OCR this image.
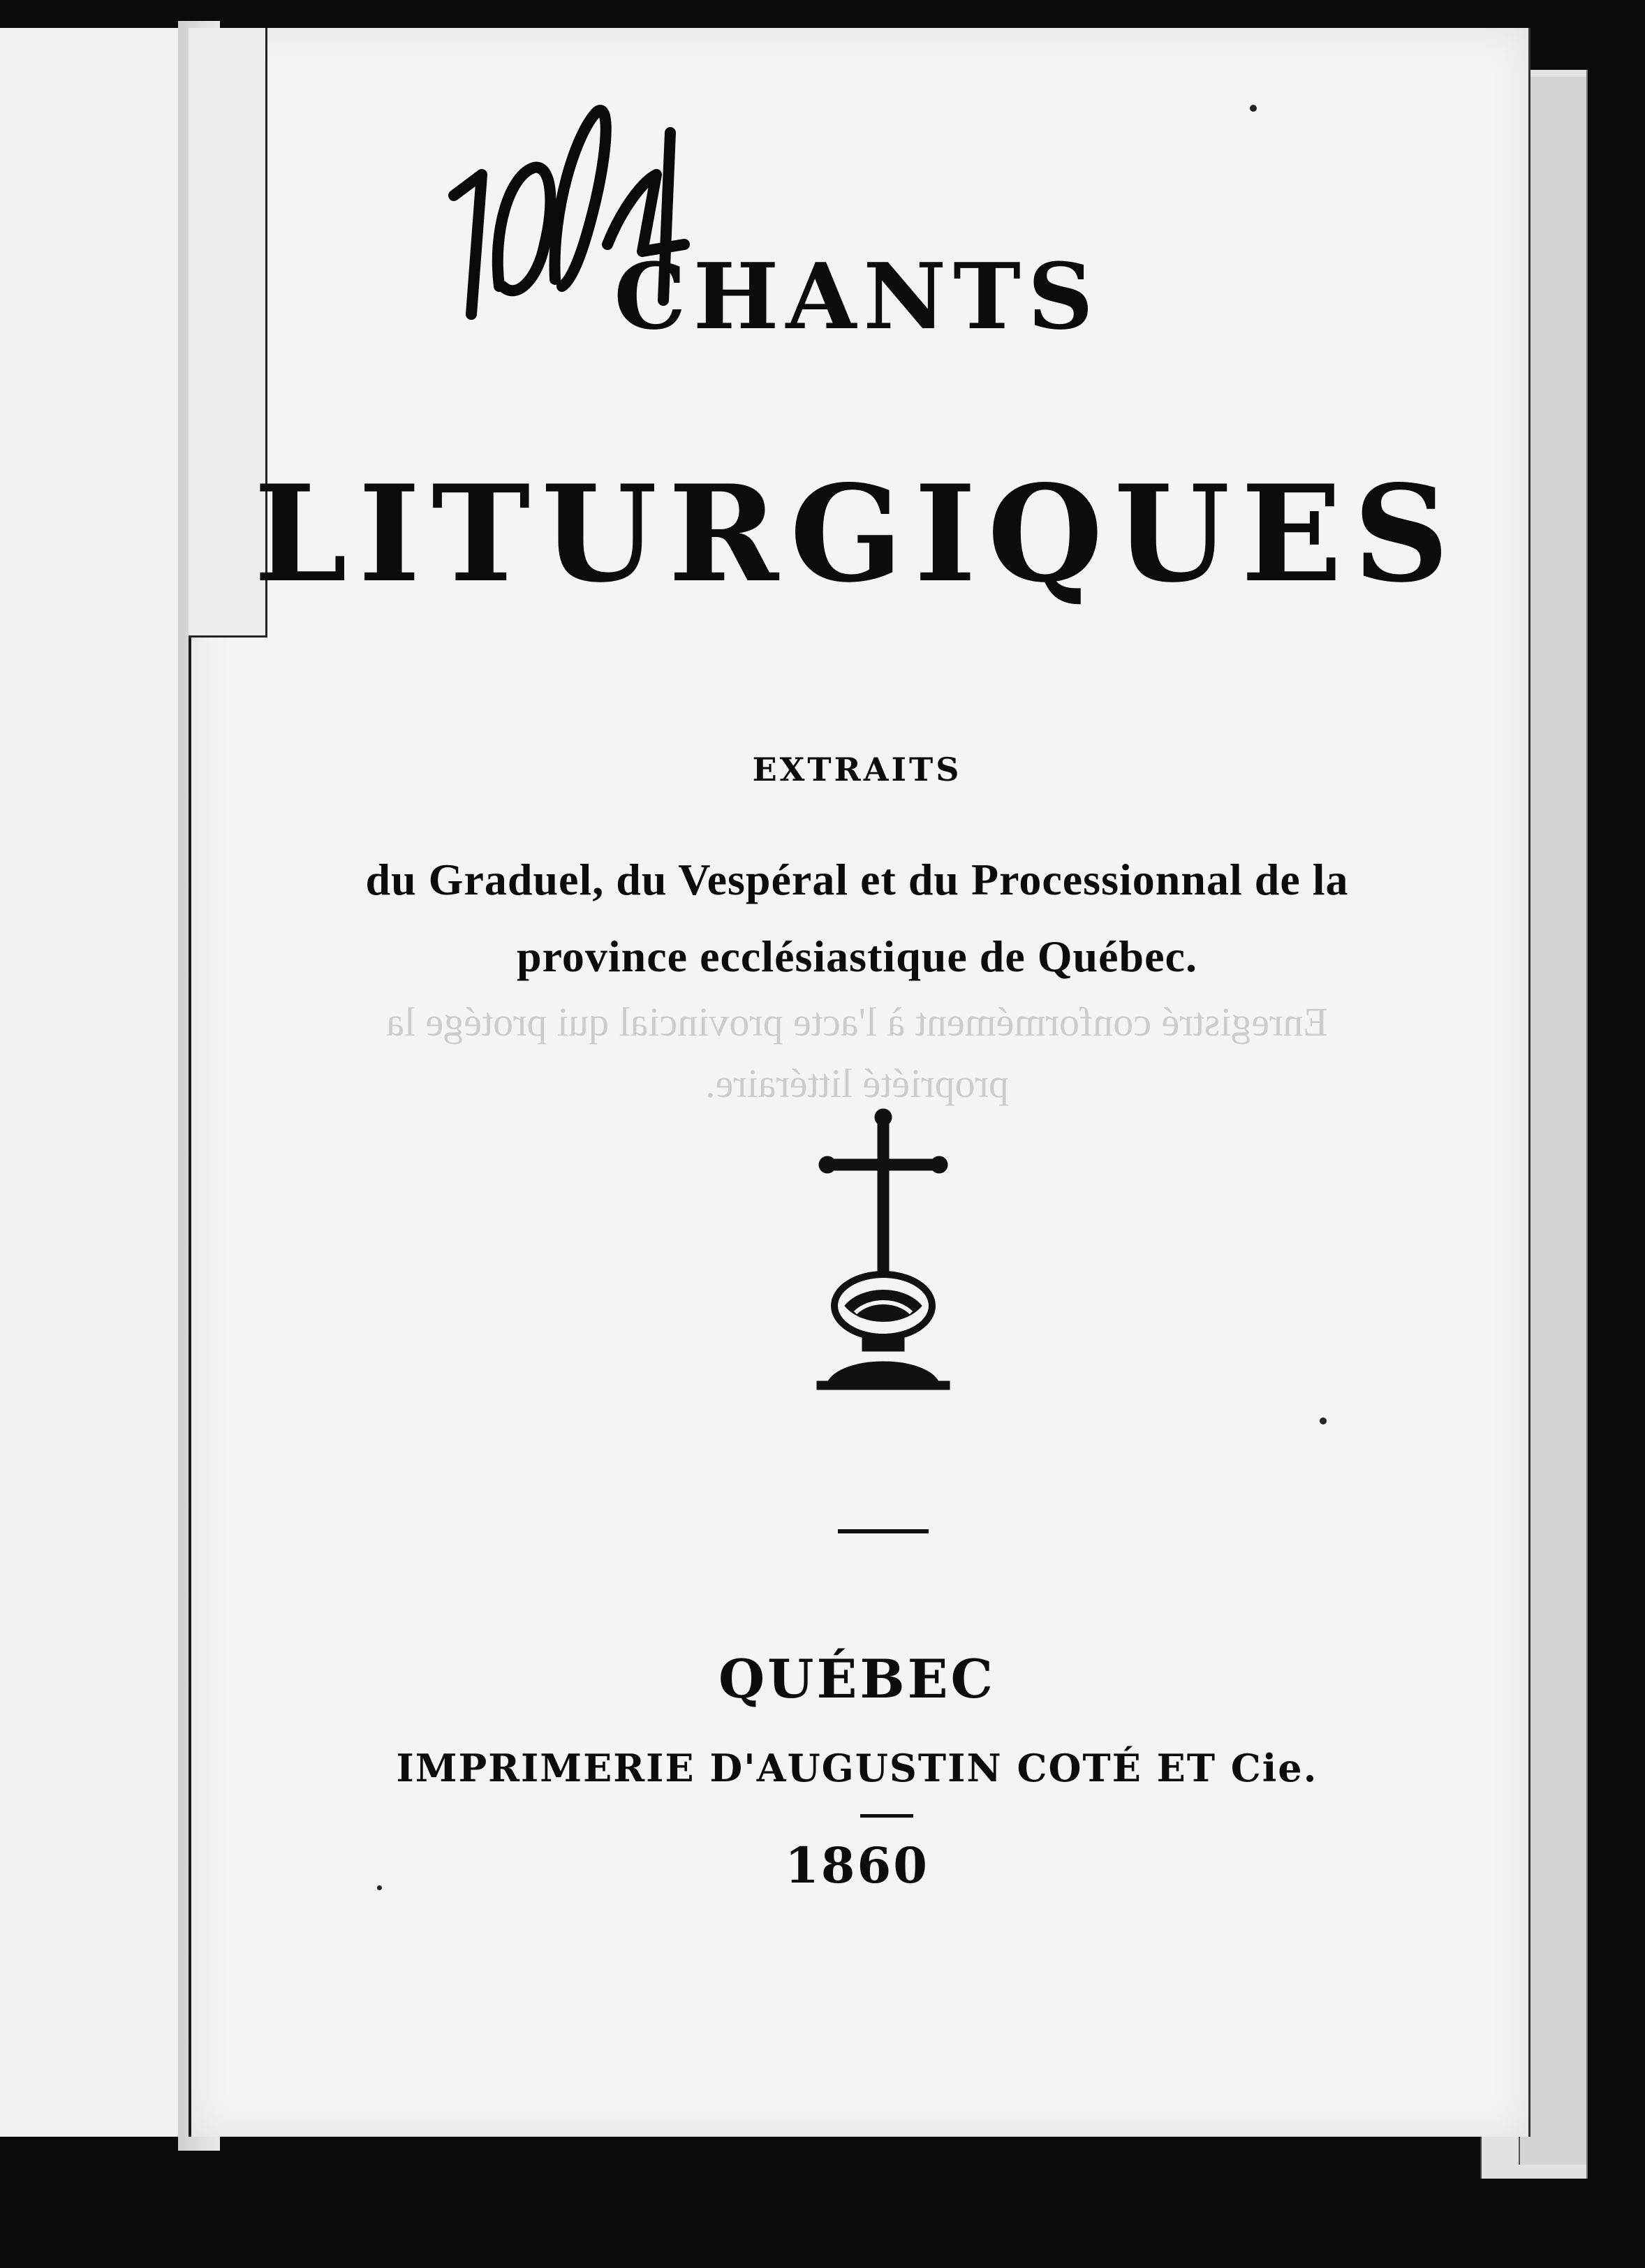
CHANTS
LITURGIQUES
EXTRAITS
du Graduel, du Vespéral et du Processionnal de la
province ecclésiastique de Québec.
Enregistré conformément à l'acte provincial qui protége la
propriété littéraire.
QUÉBEC
IMPRIMERIE D'AUGUSTIN COTÉ ET Cie.
1860
